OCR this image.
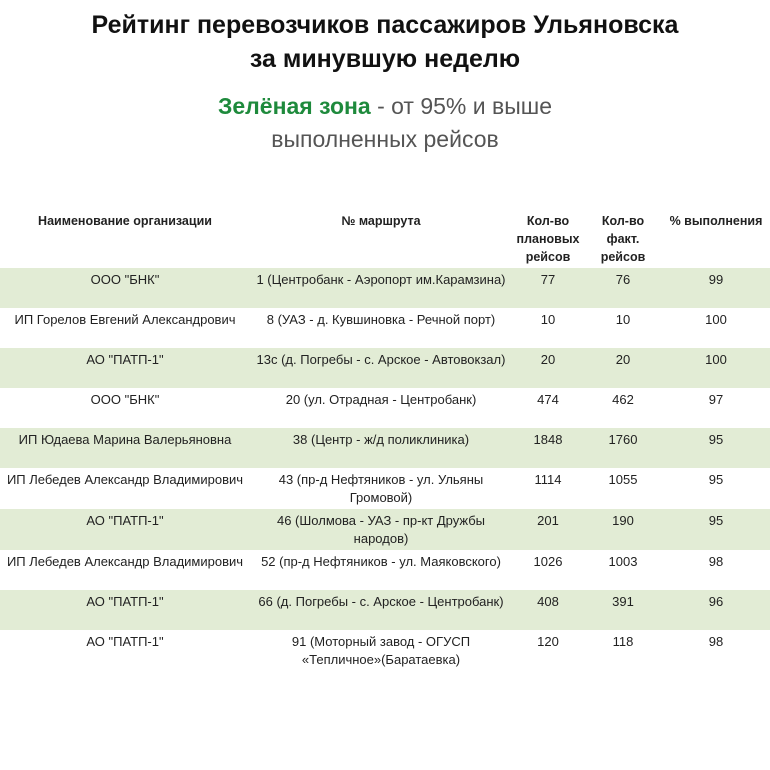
Рейтинг перевозчиков пассажиров Ульяновска
за минувшую неделю
Зелёная зона - от 95% и выше
выполненных рейсов
Наименование организации	№ маршрута	Кол-во плановых рейсов	Кол-во факт. рейсов	% выполнения
ООО "БНК"	1 (Центробанк - Аэропорт им.Карамзина)	77	76	99
ИП Горелов Евгений Александрович	8 (УАЗ - д. Кувшиновка - Речной порт)	10	10	100
АО "ПАТП-1"	13с (д. Погребы - с. Арское - Автовокзал)	20	20	100
ООО "БНК"	20 (ул. Отрадная - Центробанк)	474	462	97
ИП Юдаева Марина Валерьяновна	38 (Центр - ж/д поликлиника)	1848	1760	95
ИП Лебедев Александр Владимирович	43 (пр-д Нефтяников - ул. Ульяны Громовой)	1114	1055	95
АО "ПАТП-1"	46 (Шолмова - УАЗ - пр-кт Дружбы народов)	201	190	95
ИП Лебедев Александр Владимирович	52 (пр-д Нефтяников - ул. Маяковского)	1026	1003	98
АО "ПАТП-1"	66 (д. Погребы - с. Арское - Центробанк)	408	391	96
АО "ПАТП-1"	91 (Моторный завод - ОГУСП «Тепличное»(Баратаевка)	120	118	98
